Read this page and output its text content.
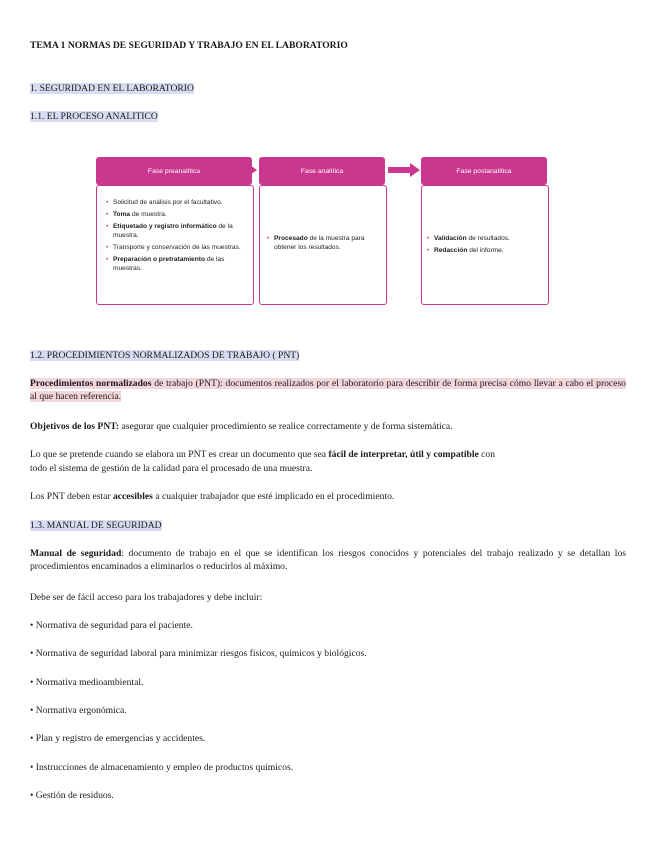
TEMA 1 NORMAS DE SEGURIDAD Y TRABAJO EN EL LABORATORIO
1. SEGURIDAD EN EL LABORATORIO
1.1. EL PROCESO ANALITICO
Fase preanalítica
• Solicitud de análisis por el facultativo.
• Toma de muestra.
• Etiquetado y registro informático de la muestra.
• Transporte y conservación de las muestras.
• Preparación o pretratamiento de las muestras.
Fase analítica
• Procesado de la muestra para obtener los resultados.
Fase postanalítica
• Validación de resultados.
• Redacción del informe.
1.2. PROCEDIMIENTOS NORMALIZADOS DE TRABAJO ( PNT)
Procedimientos normalizados de trabajo (PNT): documentos realizados por el laboratorio para describir de forma precisa cómo llevar a cabo el proceso al que hacen referencia.
Objetivos de los PNT: asegurar que cualquier procedimiento se realice correctamente y de forma sistemática.
Lo que se pretende cuando se elabora un PNT es crear un documento que sea fácil de interpretar, útil y compatible con
todo el sistema de gestión de la calidad para el procesado de una muestra.
Los PNT deben estar accesibles a cualquier trabajador que esté implicado en el procedimiento.
1.3. MANUAL DE SEGURIDAD
Manual de seguridad: documento de trabajo en el que se identifican los riesgos conocidos y potenciales del trabajo realizado y se detallan los procedimientos encaminados a eliminarlos o reducirlos al máximo.
Debe ser de fácil acceso para los trabajadores y debe incluir:
• Normativa de seguridad para el paciente.
• Normativa de seguridad laboral para minimizar riesgos físicos, químicos y biológicos.
• Normativa medioambiental.
• Normativa ergonómica.
• Plan y registro de emergencias y accidentes.
• Instrucciones de almacenamiento y empleo de productos químicos.
• Gestión de residuos.
